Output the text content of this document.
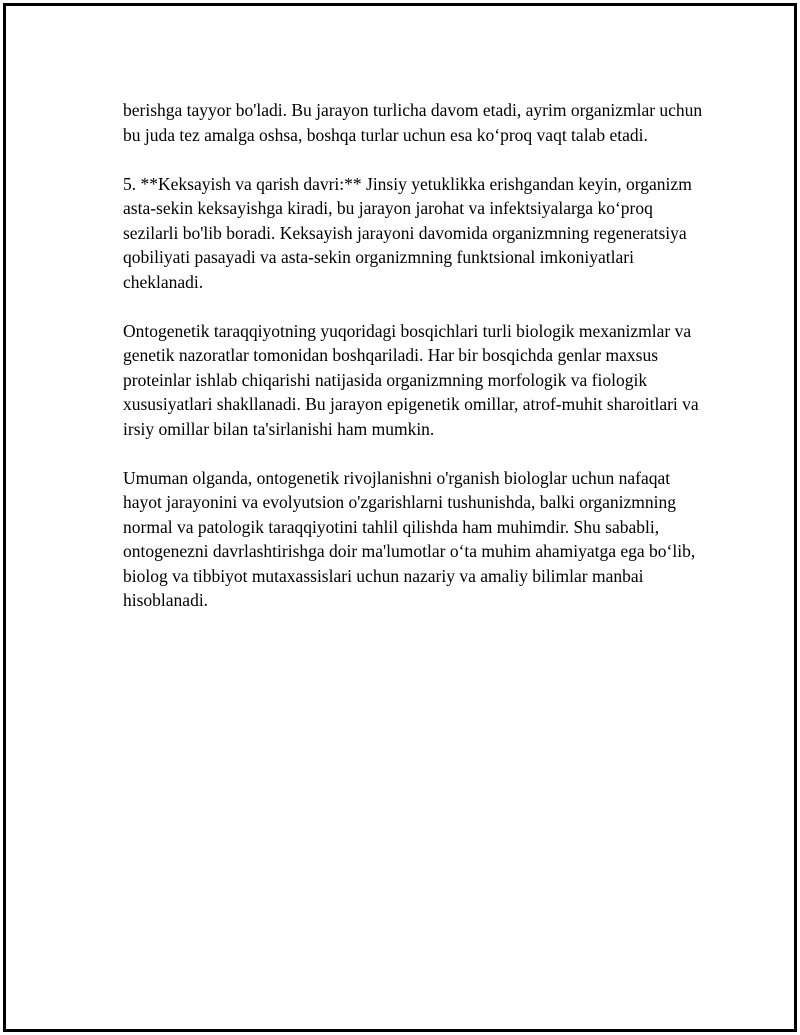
berishga tayyor bo'ladi. Bu jarayon turlicha davom etadi, ayrim organizmlar uchun bu juda tez amalga oshsa, boshqa turlar uchun esa ko‘proq vaqt talab etadi.

5. **Keksayish va qarish davri:** Jinsiy yetuklikka erishgandan keyin, organizm asta-sekin keksayishga kiradi, bu jarayon jarohat va infektsiyalarga ko‘proq sezilarli bo'lib boradi. Keksayish jarayoni davomida organizmning regeneratsiya qobiliyati pasayadi va asta-sekin organizmning funktsional imkoniyatlari cheklanadi.

Ontogenetik taraqqiyotning yuqoridagi bosqichlari turli biologik mexanizmlar va genetik nazoratlar tomonidan boshqariladi. Har bir bosqichda genlar maxsus proteinlar ishlab chiqarishi natijasida organizmning morfologik va fiologik xususiyatlari shakllanadi. Bu jarayon epigenetik omillar, atrof-muhit sharoitlari va irsiy omillar bilan ta'sirlanishi ham mumkin.

Umuman olganda, ontogenetik rivojlanishni o'rganish biologlar uchun nafaqat hayot jarayonini va evolyutsion o'zgarishlarni tushunishda, balki organizmning normal va patologik taraqqiyotini tahlil qilishda ham muhimdir. Shu sababli, ontogenezni davrlashtirishga doir ma'lumotlar o‘ta muhim ahamiyatga ega bo‘lib, biolog va tibbiyot mutaxassislari uchun nazariy va amaliy bilimlar manbai hisoblanadi.
